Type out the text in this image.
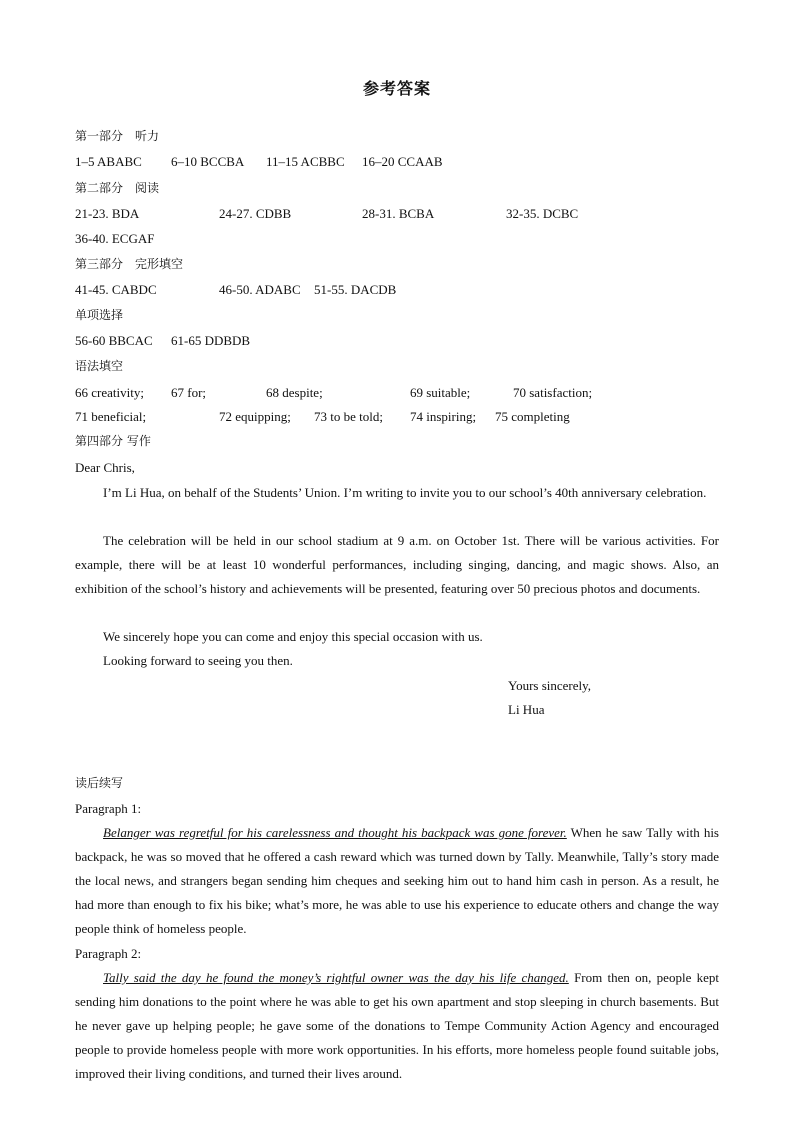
参考答案
第一部分　听力
1–5 ABABC 6–10 BCCBA 11–15 ACBBC 16–20 CCAAB
第二部分　阅读
21-23. BDA	24-27. CDBB	28-31. BCBA	32-35. DCBC
36-40. ECGAF
第三部分　完形填空
41-45. CABDC	46-50. ADABC 51-55. DACDB
单项选择
56-60 BBCAC 61-65 DDBDB
语法填空
66 creativity; 67 for;	68 despite;	69 suitable;	70 satisfaction;
71 beneficial;	72 equipping; 73 to be told; 74 inspiring; 75 completing
第四部分 写作
Dear Chris,

I’m Li Hua, on behalf of the Students’ Union. I’m writing to invite you to our school’s 40th anniversary celebration.

The celebration will be held in our school stadium at 9 a.m. on October 1st. There will be various activities. For example, there will be at least 10 wonderful performances, including singing, dancing, and magic shows. Also, an exhibition of the school’s history and achievements will be presented, featuring over 50 precious photos and documents.

We sincerely hope you can come and enjoy this special occasion with us.

Looking forward to seeing you then.

Yours sincerely,
Li Hua
读后续写
Paragraph 1:

Belanger was regretful for his carelessness and thought his backpack was gone forever. When he saw Tally with his backpack, he was so moved that he offered a cash reward which was turned down by Tally. Meanwhile, Tally’s story made the local news, and strangers began sending him cheques and seeking him out to hand him cash in person. As a result, he had more than enough to fix his bike; what’s more, he was able to use his experience to educate others and change the way people think of homeless people.

Paragraph 2:

Tally said the day he found the money’s rightful owner was the day his life changed. From then on, people kept sending him donations to the point where he was able to get his own apartment and stop sleeping in church basements. But he never gave up helping people; he gave some of the donations to Tempe Community Action Agency and encouraged people to provide homeless people with more work opportunities. In his efforts, more homeless people found suitable jobs, improved their living conditions, and turned their lives around.
